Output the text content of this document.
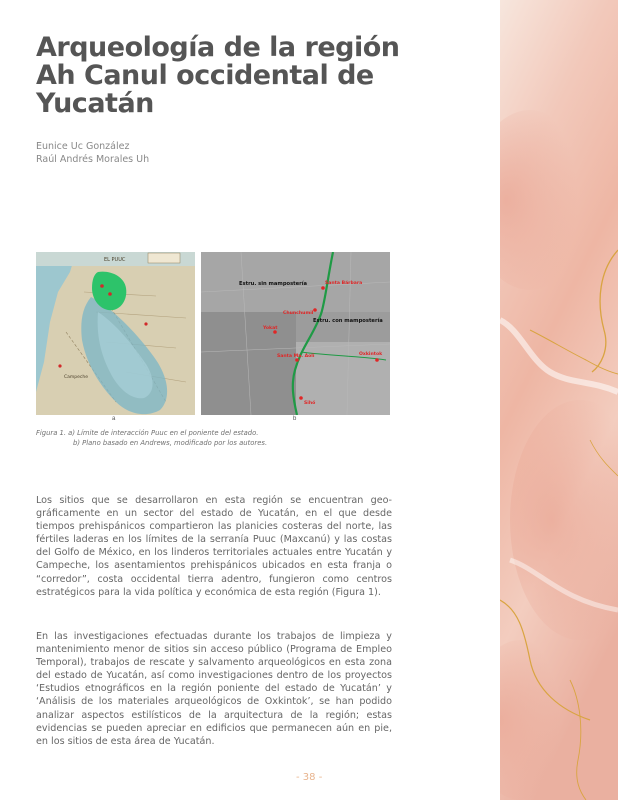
Arqueología de la región
Ah Canul occidental de
Yucatán
Eunice Uc González
Raúl Andrés Morales Uh
EL PUUC
Campeche
Estru. sin mampostería
Estru. con mampostería
Santa Bárbara
Chunchumil
Yokat
Santa Ma. Aoli	Oxkintok
Sihó
a	b
Figura 1. a) Límite de interacción Puuc en el poniente del estado.
b) Plano basado en Andrews, modificado por los autores.

Los sitios que se desarrollaron en esta región se encuentran geográficamente en un sector del estado de Yucatán, en el que desde tiempos prehispánicos compartieron las planicies costeras del norte, las fértiles laderas en los límites de la serranía Puuc (Maxcanú) y las costas del Golfo de México, en los linderos territoriales actuales entre Yucatán y Campeche, los asentamientos prehispánicos ubicados en esta franja o “corredor”, costa occidental tierra adentro, fungieron como centros estratégicos para la vida política y económica de esta región (Figura 1).

En las investigaciones efectuadas durante los trabajos de limpieza y mantenimiento menor de sitios sin acceso público (Programa de Empleo Temporal), trabajos de rescate y salvamento arqueológicos en esta zona del estado de Yucatán, así como investigaciones dentro de los proyectos ‘Estudios etnográficos en la región poniente del estado de Yucatán’ y ‘Análisis de los materiales arqueológicos de Oxkintok’, se han podido analizar aspectos estilísticos de la arquitectura de la región; estas evidencias se pueden apreciar en edificios que permanecen aún en pie, en los sitios de esta área de Yucatán.

- 38 -
